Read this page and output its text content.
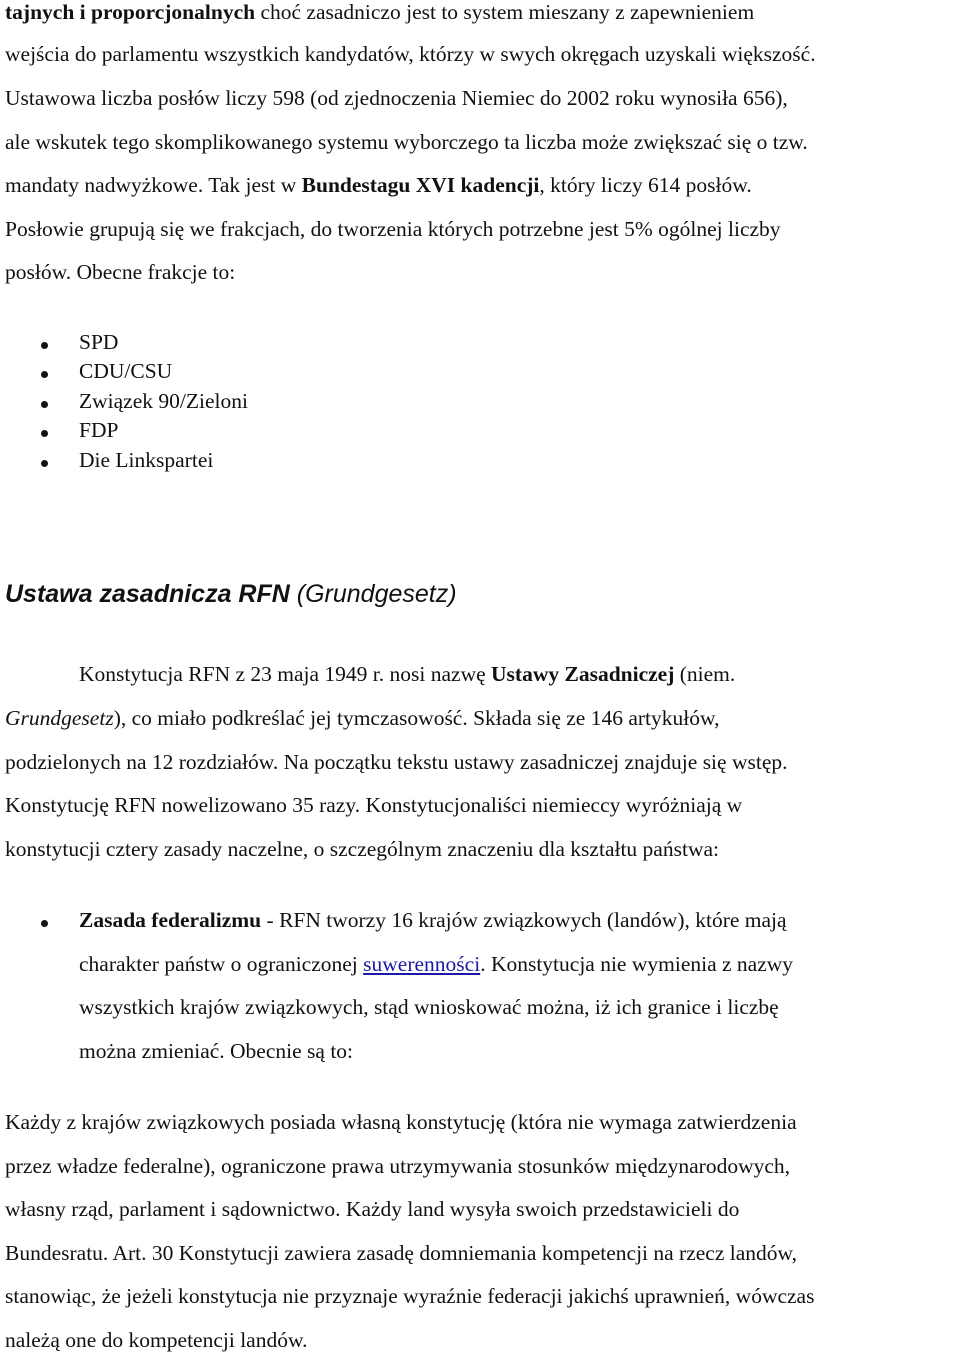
tajnych i proporcjonalnych choć zasadniczo jest to system mieszany z zapewnieniem
wejścia do parlamentu wszystkich kandydatów, którzy w swych okręgach uzyskali większość.
Ustawowa liczba posłów liczy 598 (od zjednoczenia Niemiec do 2002 roku wynosiła 656),
ale wskutek tego skomplikowanego systemu wyborczego ta liczba może zwiększać się o tzw.
mandaty nadwyżkowe. Tak jest w Bundestagu XVI kadencji, który liczy 614 posłów.
Posłowie grupują się we frakcjach, do tworzenia których potrzebne jest 5% ogólnej liczby
posłów. Obecne frakcje to:
SPD
CDU/CSU
Związek 90/Zieloni
FDP
Die Linkspartei
Ustawa zasadnicza RFN (Grundgesetz)
Konstytucja RFN z 23 maja 1949 r. nosi nazwę Ustawy Zasadniczej (niem.
Grundgesetz), co miało podkreślać jej tymczasowość. Składa się ze 146 artykułów,
podzielonych na 12 rozdziałów. Na początku tekstu ustawy zasadniczej znajduje się wstęp.
Konstytucję RFN nowelizowano 35 razy. Konstytucjonaliści niemieccy wyróżniają w
konstytucji cztery zasady naczelne, o szczególnym znaczeniu dla kształtu państwa:
Zasada federalizmu - RFN tworzy 16 krajów związkowych (landów), które mają
charakter państw o ograniczonej suwerenności. Konstytucja nie wymienia z nazwy
wszystkich krajów związkowych, stąd wnioskować można, iż ich granice i liczbę
można zmieniać. Obecnie są to:
Każdy z krajów związkowych posiada własną konstytucję (która nie wymaga zatwierdzenia
przez władze federalne), ograniczone prawa utrzymywania stosunków międzynarodowych,
własny rząd, parlament i sądownictwo. Każdy land wysyła swoich przedstawicieli do
Bundesratu. Art. 30 Konstytucji zawiera zasadę domniemania kompetencji na rzecz landów,
stanowiąc, że jeżeli konstytucja nie przyznaje wyraźnie federacji jakichś uprawnień, wówczas
należą one do kompetencji landów.
